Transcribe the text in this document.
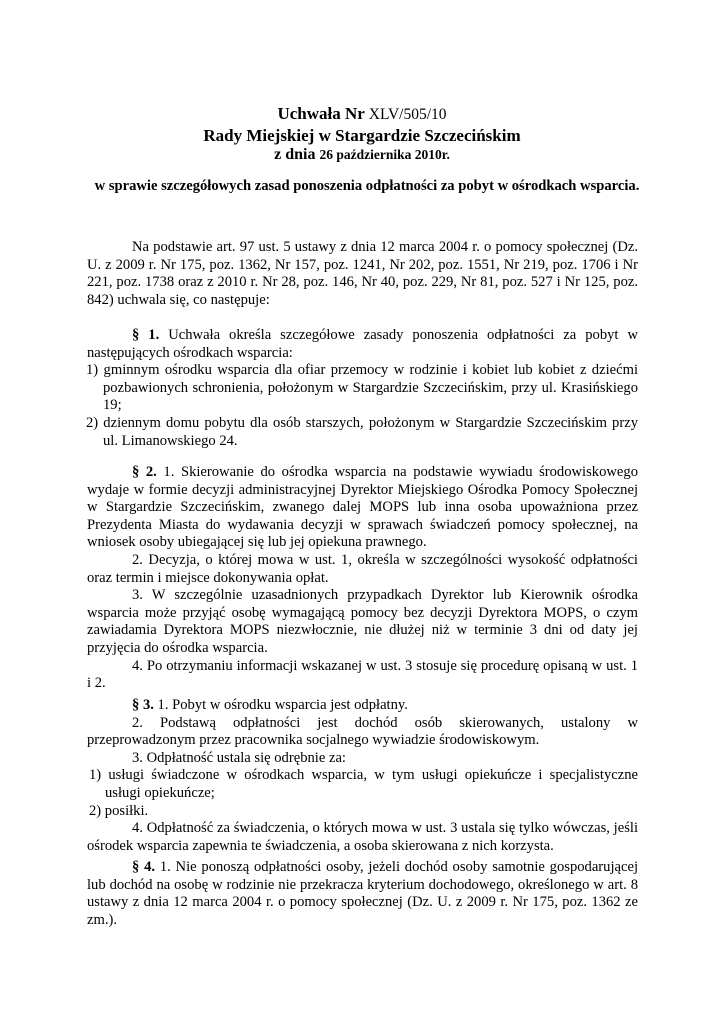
Uchwała Nr XLV/505/10
Rady Miejskiej w Stargardzie Szczecińskim
z dnia 26 października 2010r.
w sprawie szczegółowych zasad ponoszenia odpłatności za pobyt w ośrodkach wsparcia.

Na podstawie art. 97 ust. 5 ustawy z dnia 12 marca 2004 r. o pomocy społecznej (Dz. U. z 2009 r. Nr 175, poz. 1362, Nr 157, poz. 1241, Nr 202, poz. 1551, Nr 219, poz. 1706 i Nr 221, poz. 1738 oraz z 2010 r. Nr 28, poz. 146, Nr 40, poz. 229, Nr 81, poz. 527 i Nr 125, poz. 842) uchwala się, co następuje:

§ 1. Uchwała określa szczegółowe zasady ponoszenia odpłatności za pobyt w następujących ośrodkach wsparcia:

1) gminnym ośrodku wsparcia dla ofiar przemocy w rodzinie i kobiet lub kobiet z dziećmi pozbawionych schronienia, położonym w Stargardzie Szczecińskim, przy ul. Krasińskiego 19;

2) dziennym domu pobytu dla osób starszych, położonym w Stargardzie Szczecińskim przy ul. Limanowskiego 24.

§ 2. 1. Skierowanie do ośrodka wsparcia na podstawie wywiadu środowiskowego wydaje w formie decyzji administracyjnej Dyrektor Miejskiego Ośrodka Pomocy Społecznej w Stargardzie Szczecińskim, zwanego dalej MOPS lub inna osoba upoważniona przez Prezydenta Miasta do wydawania decyzji w sprawach świadczeń pomocy społecznej, na wniosek osoby ubiegającej się lub jej opiekuna prawnego.

2. Decyzja, o której mowa w ust. 1, określa w szczególności wysokość odpłatności oraz termin i miejsce dokonywania opłat.

3. W szczególnie uzasadnionych przypadkach Dyrektor lub Kierownik ośrodka wsparcia może przyjąć osobę wymagającą pomocy bez decyzji Dyrektora MOPS, o czym zawiadamia Dyrektora MOPS niezwłocznie, nie dłużej niż w terminie 3 dni od daty jej przyjęcia do ośrodka wsparcia.

4. Po otrzymaniu informacji wskazanej w ust. 3 stosuje się procedurę opisaną w ust. 1 i 2.

§ 3. 1. Pobyt w ośrodku wsparcia jest odpłatny.

2. Podstawą odpłatności jest dochód osób skierowanych, ustalony w przeprowadzonym przez pracownika socjalnego wywiadzie środowiskowym.

3. Odpłatność ustala się odrębnie za:

1) usługi świadczone w ośrodkach wsparcia, w tym usługi opiekuńcze i specjalistyczne usługi opiekuńcze;

2) posiłki.

4. Odpłatność za świadczenia, o których mowa w ust. 3 ustala się tylko wówczas, jeśli ośrodek wsparcia zapewnia te świadczenia, a osoba skierowana z nich korzysta.

§ 4. 1. Nie ponoszą odpłatności osoby, jeżeli dochód osoby samotnie gospodarującej lub dochód na osobę w rodzinie nie przekracza kryterium dochodowego, określonego w art. 8 ustawy z dnia 12 marca 2004 r. o pomocy społecznej (Dz. U. z 2009 r. Nr 175, poz. 1362 ze zm.).
